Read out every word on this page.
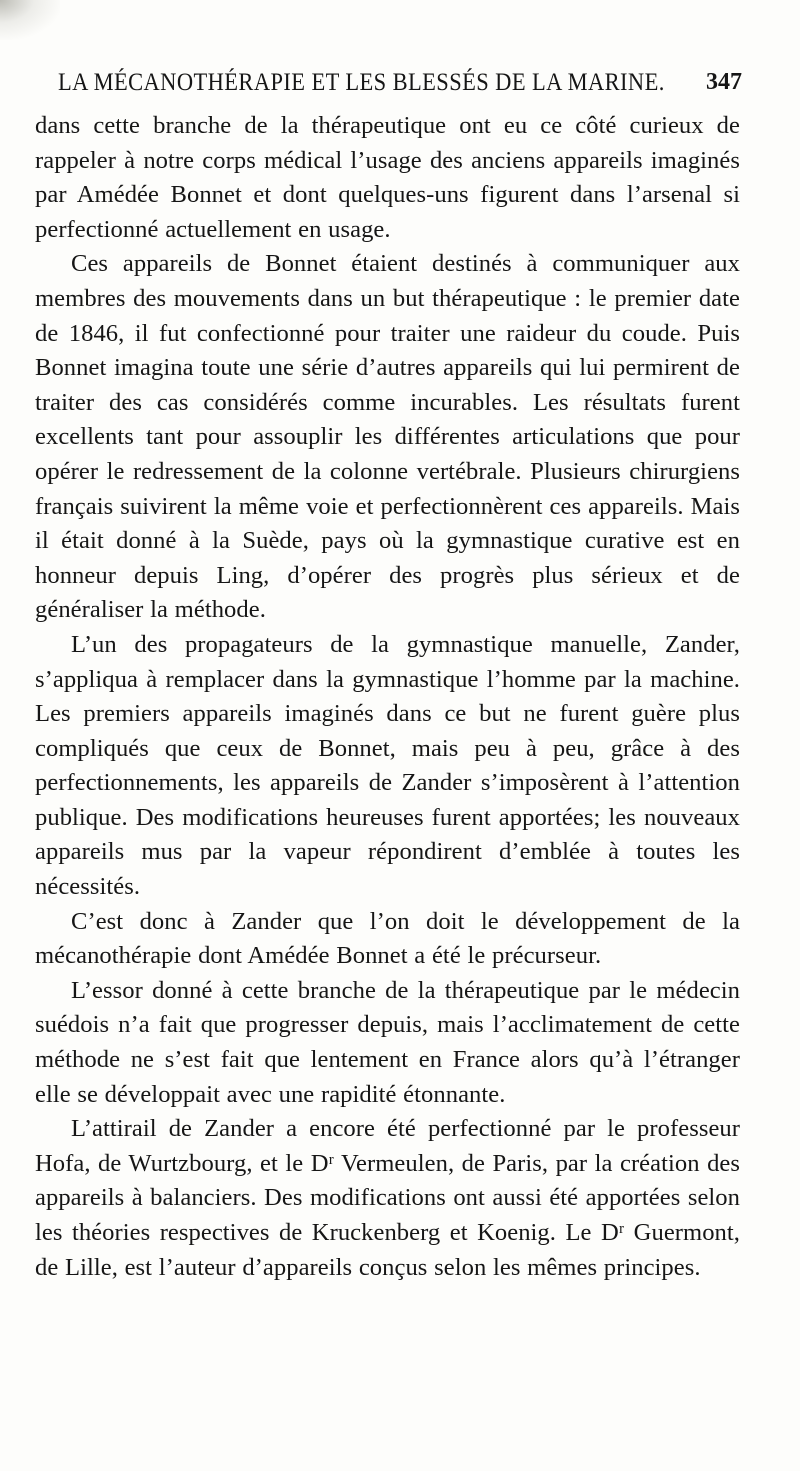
LA MÉCANOTHÉRAPIE ET LES BLESSÉS DE LA MARINE. 347

dans cette branche de la thérapeutique ont eu ce côté curieux de rappeler à notre corps médical l’usage des anciens appareils imaginés par Amédée Bonnet et dont quelques-uns figurent dans l’arsenal si perfectionné actuellement en usage.

Ces appareils de Bonnet étaient destinés à communiquer aux membres des mouvements dans un but thérapeutique : le premier date de 1846, il fut confectionné pour traiter une raideur du coude. Puis Bonnet imagina toute une série d’autres appareils qui lui permirent de traiter des cas considérés comme incurables. Les résultats furent excellents tant pour assouplir les différentes articulations que pour opérer le redressement de la colonne vertébrale. Plusieurs chirurgiens français suivirent la même voie et perfectionnèrent ces appareils. Mais il était donné à la Suède, pays où la gymnastique curative est en honneur depuis Ling, d’opérer des progrès plus sérieux et de généraliser la méthode.

L’un des propagateurs de la gymnastique manuelle, Zander, s’appliqua à remplacer dans la gymnastique l’homme par la machine. Les premiers appareils imaginés dans ce but ne furent guère plus compliqués que ceux de Bonnet, mais peu à peu, grâce à des perfectionnements, les appareils de Zander s’imposèrent à l’attention publique. Des modifications heureuses furent apportées; les nouveaux appareils mus par la vapeur répondirent d’emblée à toutes les nécessités.

C’est donc à Zander que l’on doit le développement de la mécanothérapie dont Amédée Bonnet a été le précurseur.

L’essor donné à cette branche de la thérapeutique par le médecin suédois n’a fait que progresser depuis, mais l’acclimatement de cette méthode ne s’est fait que lentement en France alors qu’à l’étranger elle se développait avec une rapidité étonnante.

L’attirail de Zander a encore été perfectionné par le professeur Hofa, de Wurtzbourg, et le Dʳ Vermeulen, de Paris, par la création des appareils à balanciers. Des modifications ont aussi été apportées selon les théories respectives de Kruckenberg et Koenig. Le Dʳ Guermont, de Lille, est l’auteur d’appareils conçus selon les mêmes principes.
